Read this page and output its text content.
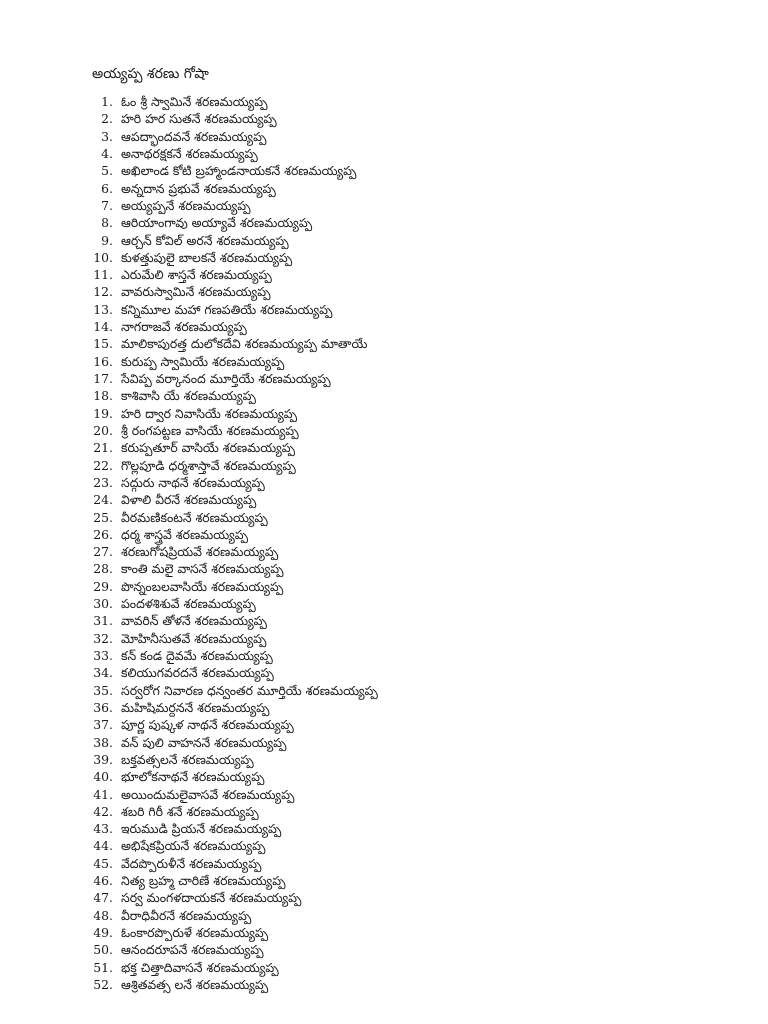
అయ్యప్ప శరణు గోషా
1. ఓం శ్రీ స్వామినే శరణమయ్యప్ప
2. హరి హర సుతనే శరణమయ్యప్ప
3. ఆపద్భాందవనే శరణమయ్యప్ప
4. అనాథరక్షకనే శరణమయ్యప్ప
5. అఖిలాండ కోటి బ్రహ్మాండనాయకనే శరణమయ్యప్ప
6. అన్నదాన ప్రభువే శరణమయ్యప్ప
7. అయ్యప్పనే శరణమయ్యప్ప
8. ఆరియాంగావు అయ్యావే శరణమయ్యప్ప
9. ఆర్చన్ కోవిల్ అరనే శరణమయ్యప్ప
10. కుళత్తుపులై బాలకనే శరణమయ్యప్ప
11. ఎరుమేలి శాస్తనే శరణమయ్యప్ప
12. వావరుస్వామినే శరణమయ్యప్ప
13. కన్నిమూల మహా గణపతియే శరణమయ్యప్ప
14. నాగరాజవే శరణమయ్యప్ప
15. మాలికాపురత్త దులోకదేవి శరణమయ్యప్ప మాతాయే
16. కురుప్ప స్వామియే శరణమయ్యప్ప
17. సేవిప్ప వర్కానంద మూర్తియే శరణమయ్యప్ప
18. కాశివాసి యే శరణమయ్యప్ప
19. హరి ద్వార నివాసియే శరణమయ్యప్ప
20. శ్రీ రంగపట్టణ వాసియే శరణమయ్యప్ప
21. కరుప్పతూర్ వాసియే శరణమయ్యప్ప
22. గొల్లపూడి ధర్మశాస్తావే శరణమయ్యప్ప
23. సద్గురు నాథనే శరణమయ్యప్ప
24. విళాలి వీరనే శరణమయ్యప్ప
25. వీరమణికంటనే శరణమయ్యప్ప
26. ధర్మ శాస్త్రవే శరణమయ్యప్ప
27. శరణుగోషప్రియవే శరణమయ్యప్ప
28. కాంతి మలై వాసనే శరణమయ్యప్ప
29. పొన్నంబలవాసియే శరణమయ్యప్ప
30. పందళశిశువే శరణమయ్యప్ప
31. వావరిన్ తోళనే శరణమయ్యప్ప
32. మోహినీసుతవే శరణమయ్యప్ప
33. కన్ కండ దైవమే శరణమయ్యప్ప
34. కలియుగవరదనే శరణమయ్యప్ప
35. సర్వరోగ నివారణ ధన్వంతర మూర్తియే శరణమయ్యప్ప
36. మహిషిమర్దననే శరణమయ్యప్ప
37. పూర్ణ పుష్కళ నాథనే శరణమయ్యప్ప
38. వన్ పులి వాహననే శరణమయ్యప్ప
39. బక్తవత్సలనే శరణమయ్యప్ప
40. భూలోకనాథనే శరణమయ్యప్ప
41. అయిందుమలైవాసవే శరణమయ్యప్ప
42. శబరి గిరీ శనే శరణమయ్యప్ప
43. ఇరుముడి ప్రియనే శరణమయ్యప్ప
44. అభిషేకప్రియనే శరణమయ్యప్ప
45. వేదప్పొరుళీనే శరణమయ్యప్ప
46. నిత్య బ్రహ్మ చారిణే శరణమయ్యప్ప
47. సర్వ మంగళదాయకనే శరణమయ్యప్ప
48. వీరాధివీరనే శరణమయ్యప్ప
49. ఓంకారప్పొరుళే శరణమయ్యప్ప
50. ఆనందరూపనే శరణమయ్యప్ప
51. భక్త చిత్తాదివాసనే శరణమయ్యప్ప
52. ఆశ్రితవత్స లనే శరణమయ్యప్ప
